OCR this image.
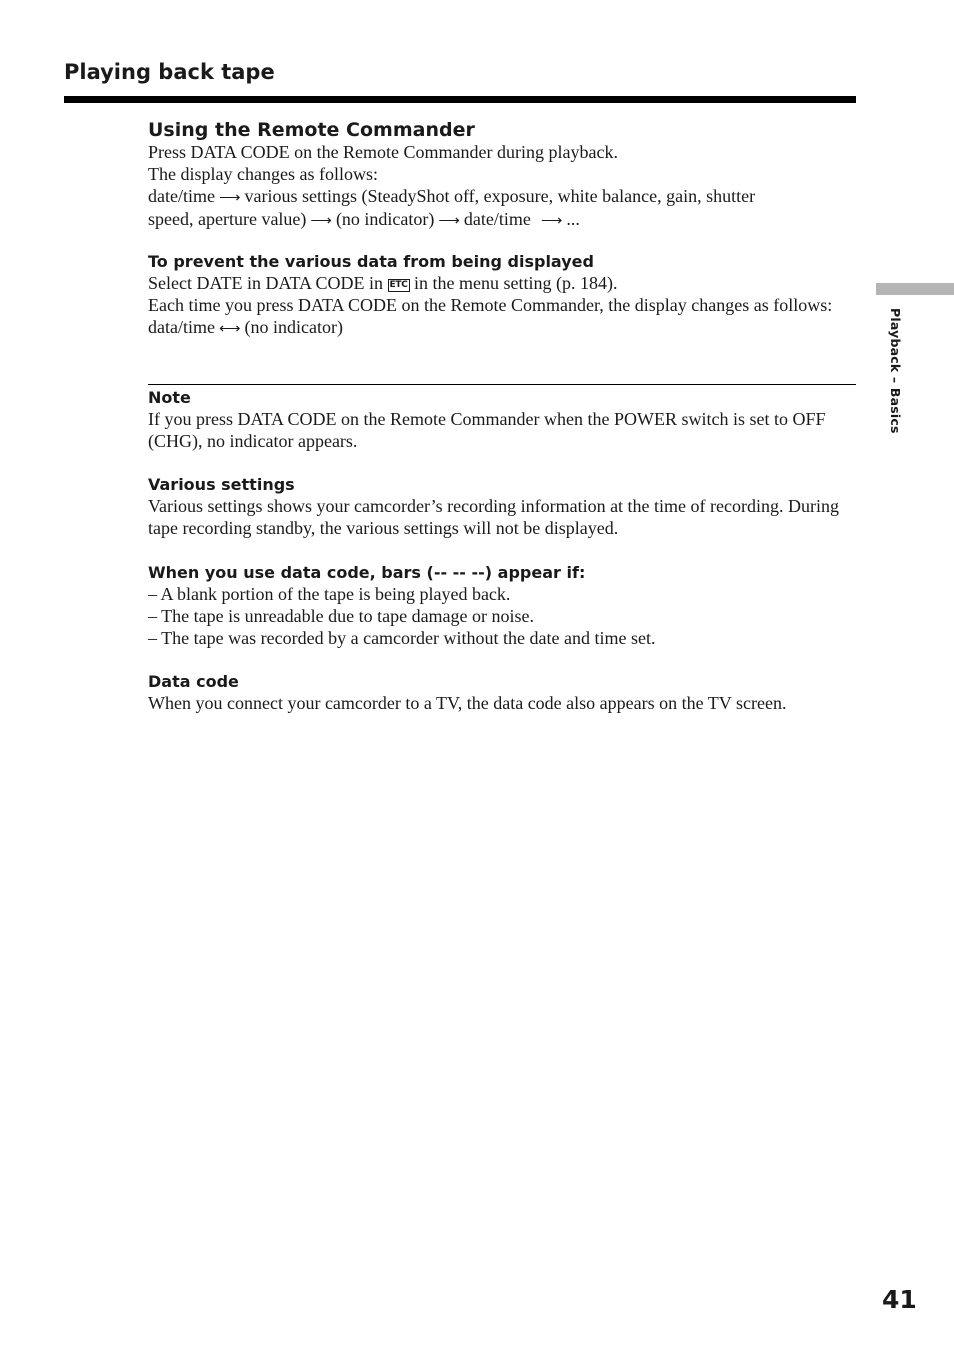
Playing back tape
Using the Remote Commander

Press DATA CODE on the Remote Commander during playback.

The display changes as follows:

date/time ⟶ various settings (SteadyShot off, exposure, white balance, gain, shutter

speed, aperture value) ⟶ (no indicator) ⟶ date/time ⟶ ...

To prevent the various data from being displayed

Select DATE in DATA CODE in ETC in the menu setting (p. 184).

Each time you press DATA CODE on the Remote Commander, the display changes as follows:

data/time ⟷ (no indicator)

Note

If you press DATA CODE on the Remote Commander when the POWER switch is set to OFF (CHG), no indicator appears.

Various settings

Various settings shows your camcorder’s recording information at the time of recording. During tape recording standby, the various settings will not be displayed.

When you use data code, bars (-- -- --) appear if:

– A blank portion of the tape is being played back.

– The tape is unreadable due to tape damage or noise.

– The tape was recorded by a camcorder without the date and time set.

Data code

When you connect your camcorder to a TV, the data code also appears on the TV screen.

Playback – Basics
41
